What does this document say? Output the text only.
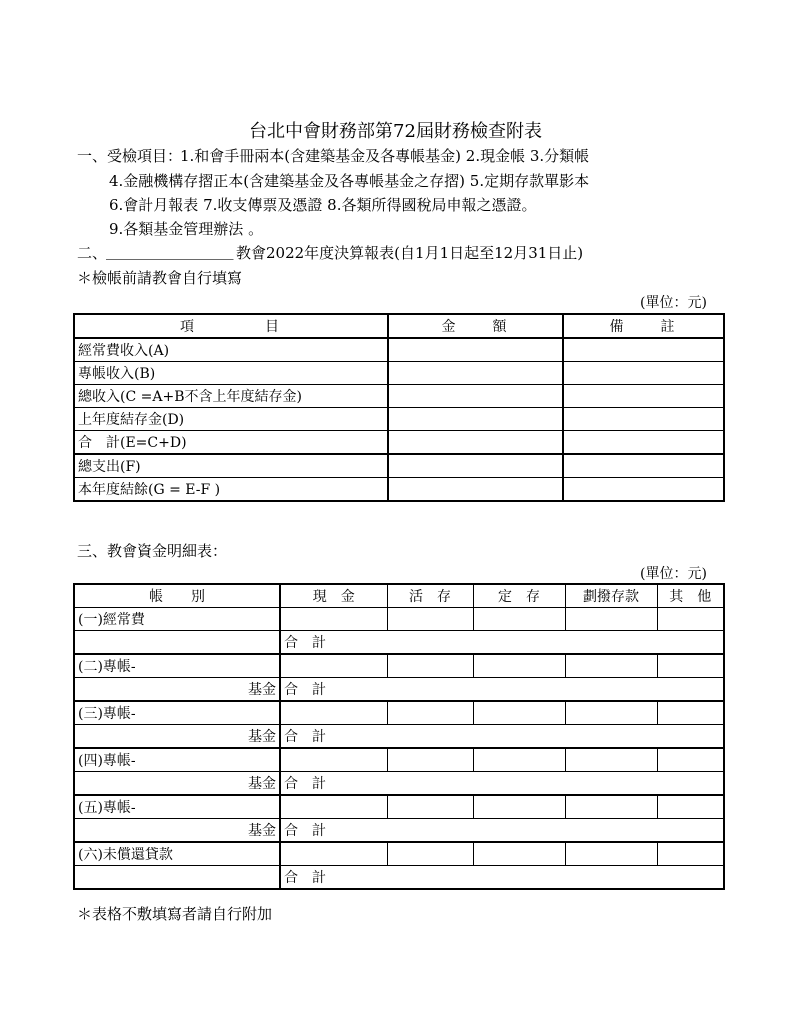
台北中會財務部第72屆財務檢查附表
一、受檢項目：
1.和會手冊兩本(含建築基金及各專帳基金) 2.現金帳 3.分類帳
4.金融機構存摺正本(含建築基金及各專帳基金之存摺) 5.定期存款單影本
6.會計月報表 7.收支傳票及憑證 8.各類所得國稅局申報之憑證。
9.各類基金管理辦法 。
二、
_________________ 教會2022年度決算報表(自1月1日起至12月31日止)
＊檢帳前請教會自行填寫
(單位：元)
項　　　　目	金　　額	備　　註
經常費收入(A)		
專帳收入(B)		
總收入(C =A+B不含上年度結存金)		
上年度結存金(D)		
合　計(E=C+D)		
總支出(F)		
本年度結餘(G = E-F )		
三、教會資金明細表：
(單位：元)
帳　　別	現　金	活　存	定　存	劃撥存款	其　他
(一)經常費					
	合　計				
(二)專帳-					
基金	合　計				
(三)專帳-					
基金	合　計				
(四)專帳-					
基金	合　計				
(五)專帳-					
基金	合　計				
(六)未償還貸款					
	合　計				
＊表格不敷填寫者請自行附加
